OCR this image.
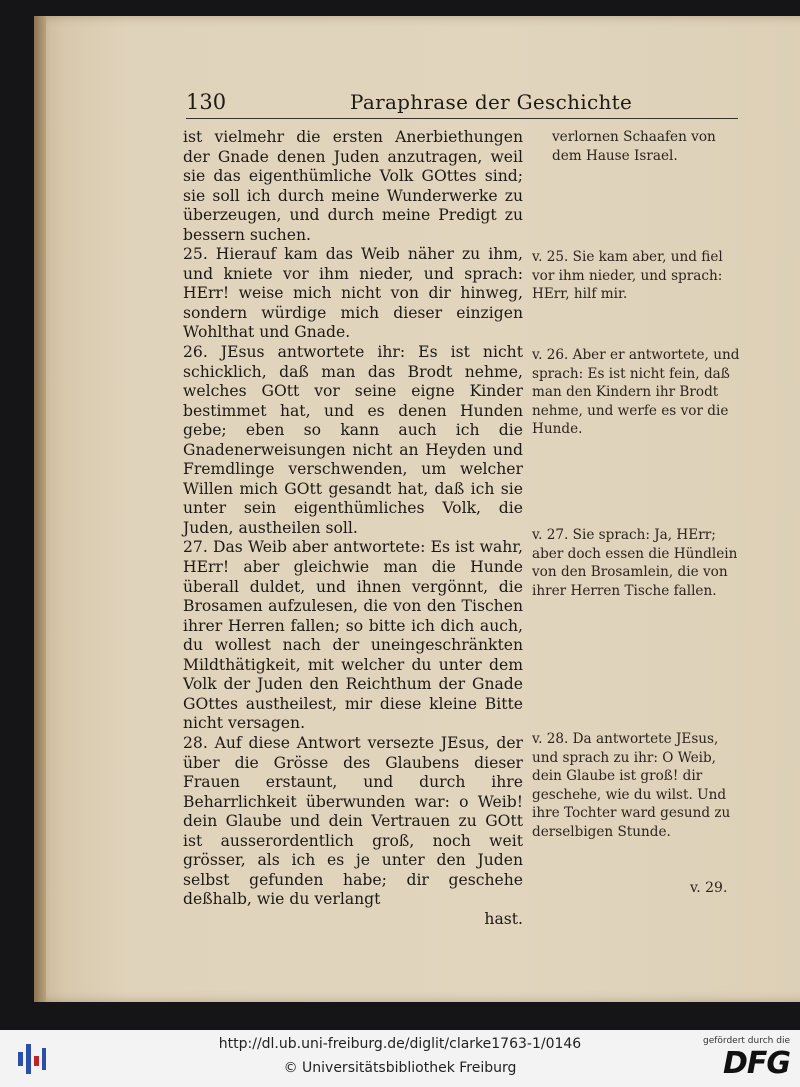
130	Paraphrase der Geschichte

ist vielmehr die ersten Anerbiethungen der Gnade denen Juden anzutragen, weil sie das eigenthümliche Volk GOttes sind; sie soll ich durch meine Wunderwerke zu überzeugen, und durch meine Predigt zu bessern suchen.

25. Hierauf kam das Weib näher zu ihm, und kniete vor ihm nieder, und sprach: HErr! weise mich nicht von dir hinweg, sondern würdige mich dieser einzigen Wohlthat und Gnade.

26. JEsus antwortete ihr: Es ist nicht schicklich, daß man das Brodt nehme, welches GOtt vor seine eigne Kinder bestimmet hat, und es denen Hunden gebe; eben so kann auch ich die Gnadenerweisungen nicht an Heyden und Fremdlinge verschwenden, um welcher Willen mich GOtt gesandt hat, daß ich sie unter sein eigenthümliches Volk, die Juden, austheilen soll.

27. Das Weib aber antwortete: Es ist wahr, HErr! aber gleichwie man die Hunde überall duldet, und ihnen vergönnt, die Brosamen aufzulesen, die von den Tischen ihrer Herren fallen; so bitte ich dich auch, du wollest nach der uneingeschränkten Mildthätigkeit, mit welcher du unter dem Volk der Juden den Reichthum der Gnade GOttes austheilest, mir diese kleine Bitte nicht versagen.

28. Auf diese Antwort versezte JEsus, der über die Grösse des Glaubens dieser Frauen erstaunt, und durch ihre Beharrlichkeit überwunden war: o Weib! dein Glaube und dein Vertrauen zu GOtt ist ausserordentlich groß, noch weit grösser, als ich es je unter den Juden selbst gefunden habe; dir geschehe deßhalb, wie du verlangt

hast.

verlornen Schaafen von dem Hause Israel.

v. 25. Sie kam aber, und fiel vor ihm nieder, und sprach: HErr, hilf mir.

v. 26. Aber er antwortete, und sprach: Es ist nicht fein, daß man den Kindern ihr Brodt nehme, und werfe es vor die Hunde.

v. 27. Sie sprach: Ja, HErr; aber doch essen die Hündlein von den Brosamlein, die von ihrer Herren Tische fallen.

v. 28. Da antwortete JEsus, und sprach zu ihr: O Weib, dein Glaube ist groß! dir geschehe, wie du wilst. Und ihre Tochter ward gesund zu derselbigen Stunde.

v. 29.
http://dl.ub.uni-freiburg.de/diglit/clarke1763-1/0146
© Universitätsbibliothek Freiburg
gefördert durch die
DFG
